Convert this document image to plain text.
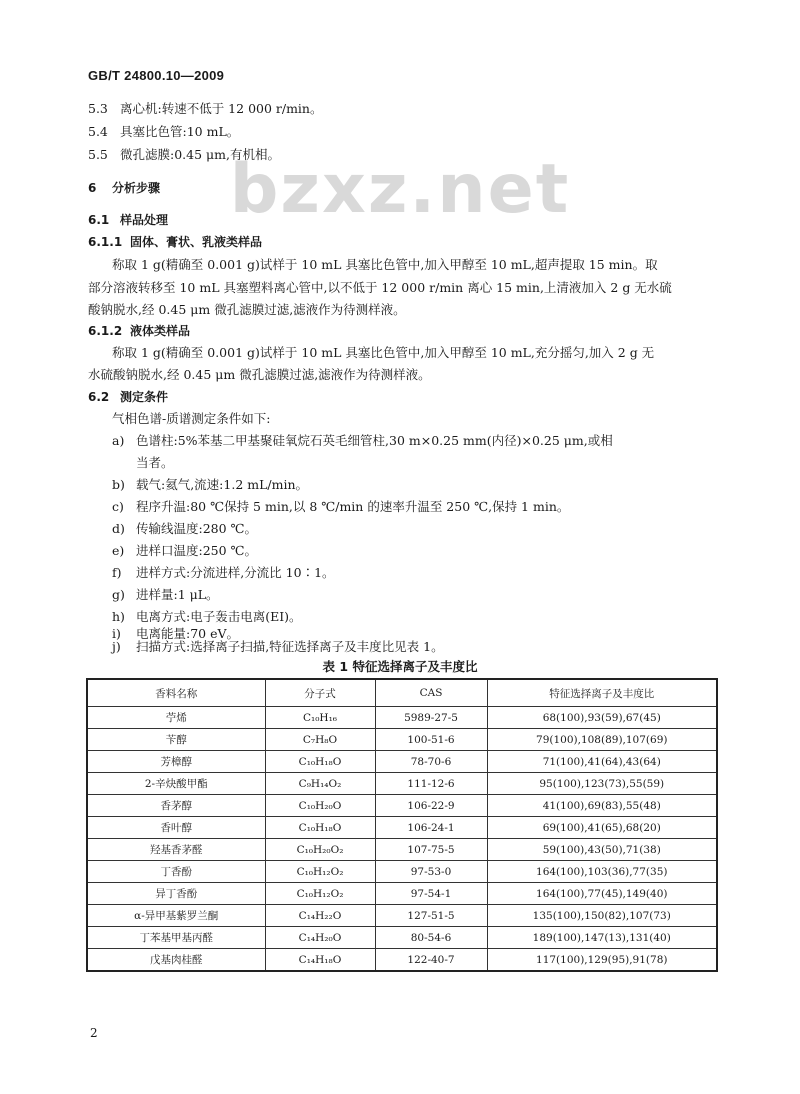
GB/T 24800.10—2009
bzxz.net
5.3 离心机:转速不低于 12 000 r/min。
5.4 具塞比色管:10 mL。
5.5 微孔滤膜:0.45 μm,有机相。
6 分析步骤
6.1 样品处理
6.1.1 固体、膏状、乳液类样品
称取 1 g(精确至 0.001 g)试样于 10 mL 具塞比色管中,加入甲醇至 10 mL,超声提取 15 min。取
部分溶液转移至 10 mL 具塞塑料离心管中,以不低于 12 000 r/min 离心 15 min,上清液加入 2 g 无水硫
酸钠脱水,经 0.45 μm 微孔滤膜过滤,滤液作为待测样液。
6.1.2 液体类样品
称取 1 g(精确至 0.001 g)试样于 10 mL 具塞比色管中,加入甲醇至 10 mL,充分摇匀,加入 2 g 无
水硫酸钠脱水,经 0.45 μm 微孔滤膜过滤,滤液作为待测样液。
6.2 测定条件
气相色谱-质谱测定条件如下:
a) 色谱柱:5%苯基二甲基聚硅氧烷石英毛细管柱,30 m×0.25 mm(内径)×0.25 μm,或相
当者。
b) 载气:氦气,流速:1.2 mL/min。
c) 程序升温:80 ℃保持 5 min,以 8 ℃/min 的速率升温至 250 ℃,保持 1 min。
d) 传输线温度:280 ℃。
e) 进样口温度:250 ℃。
f) 进样方式:分流进样,分流比 10∶1。
g) 进样量:1 μL。
h) 电离方式:电子轰击电离(EI)。
i) 电离能量:70 eV。
j) 扫描方式:选择离子扫描,特征选择离子及丰度比见表 1。
表 1 特征选择离子及丰度比
香料名称	分子式	CAS	特征选择离子及丰度比
苧烯	C₁₀H₁₆	5989-27-5	68(100),93(59),67(45)
苄醇	C₇H₈O	100-51-6	79(100),108(89),107(69)
芳樟醇	C₁₀H₁₈O	78-70-6	71(100),41(64),43(64)
2-辛炔酸甲酯	C₉H₁₄O₂	111-12-6	95(100),123(73),55(59)
香茅醇	C₁₀H₂₀O	106-22-9	41(100),69(83),55(48)
香叶醇	C₁₀H₁₈O	106-24-1	69(100),41(65),68(20)
羟基香茅醛	C₁₀H₂₀O₂	107-75-5	59(100),43(50),71(38)
丁香酚	C₁₀H₁₂O₂	97-53-0	164(100),103(36),77(35)
异丁香酚	C₁₀H₁₂O₂	97-54-1	164(100),77(45),149(40)
α-异甲基紫罗兰酮	C₁₄H₂₂O	127-51-5	135(100),150(82),107(73)
丁苯基甲基丙醛	C₁₄H₂₀O	80-54-6	189(100),147(13),131(40)
戊基肉桂醛	C₁₄H₁₈O	122-40-7	117(100),129(95),91(78)
2
